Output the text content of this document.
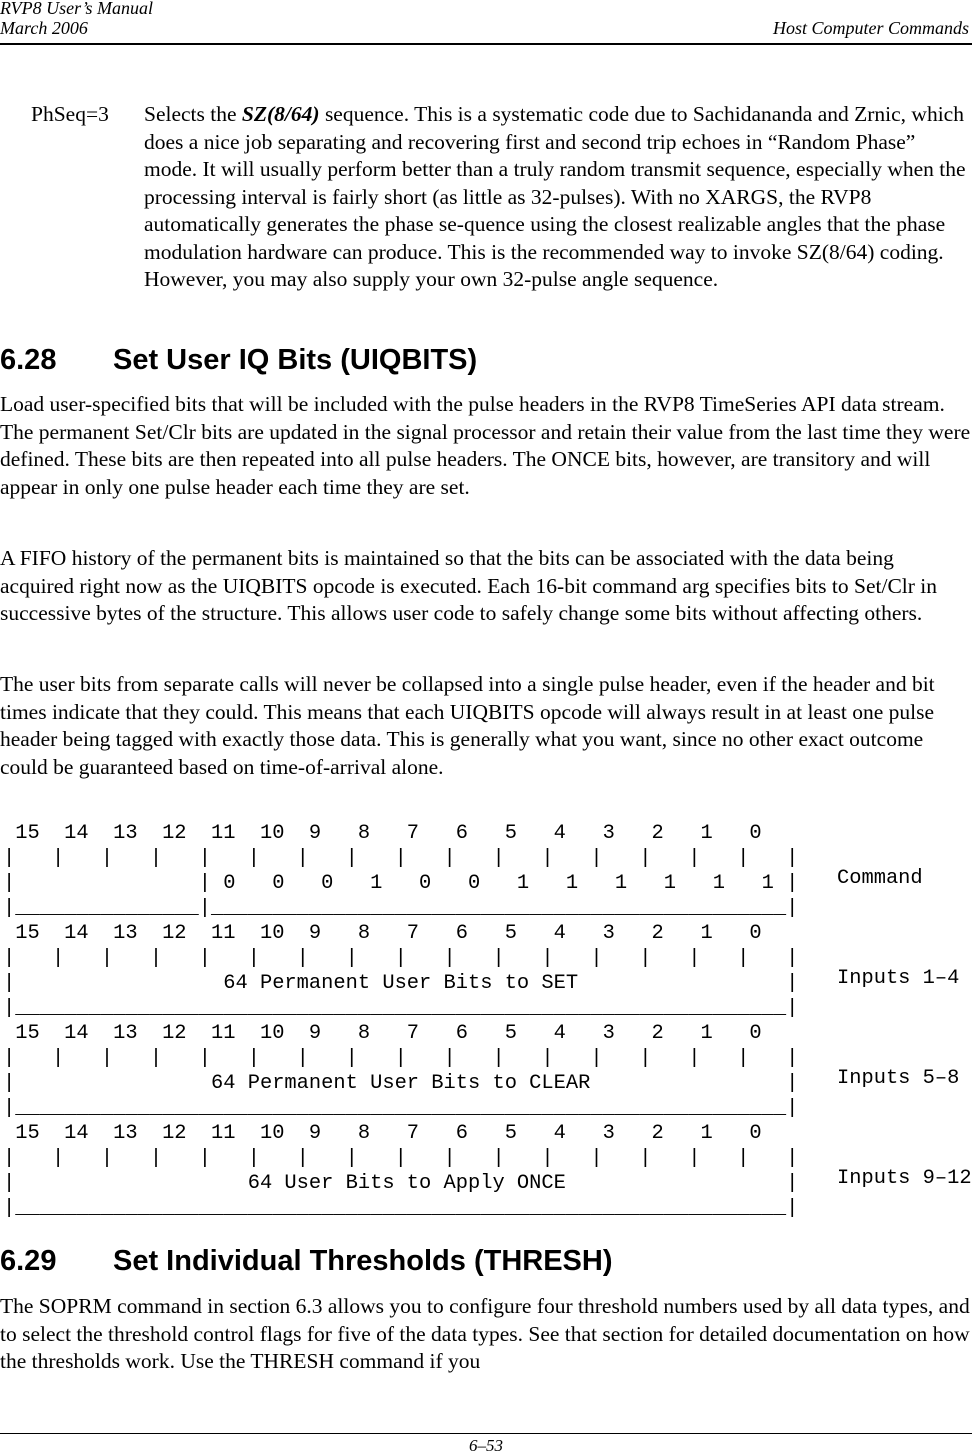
RVP8 User’s Manual
March 2006	Host Computer Commands
PhSeq=3 Selects the SZ(8/64) sequence. This is a systematic code due to Sachidananda and Zrnic, which does a nice job separating and recovering first and second trip echoes in “Random Phase” mode. It will usually perform better than a truly random transmit sequence, especially when the processing interval is fairly short (as little as 32-pulses). With no XARGS, the RVP8 automatically generates the phase se-quence using the closest realizable angles that the phase modulation hardware can produce. This is the recommended way to invoke SZ(8/64) coding. However, you may also supply your own 32-pulse angle sequence.
6.28 Set User IQ Bits (UIQBITS)

Load user-specified bits that will be included with the pulse headers in the RVP8 TimeSeries API data stream. The permanent Set/Clr bits are updated in the signal processor and retain their value from the last time they were defined. These bits are then repeated into all pulse headers. The ONCE bits, however, are transitory and will appear in only one pulse header each time they are set.

A FIFO history of the permanent bits is maintained so that the bits can be associated with the data being acquired right now as the UIQBITS opcode is executed. Each 16-bit command arg specifies bits to Set/Clr in successive bytes of the structure. This allows user code to safely change some bits without affecting others.

The user bits from separate calls will never be collapsed into a single pulse header, even if the header and bit times indicate that they could. This means that each UIQBITS opcode will always result in at least one pulse header being tagged with exactly those data. This is generally what you want, since no other exact outcome could be guaranteed based on time-of-arrival alone.

15  14  13  12  11  10  9   8   7   6   5   4   3   2   1   0
|   |   |   |   |   |   |   |   |   |   |   |   |   |   |   |   |
|               | 0   0   0   1   0   0   1   1   1   1   1   1 |
|_______________|_______________________________________________|
Command
15  14  13  12  11  10  9   8   7   6   5   4   3   2   1   0
|   |   |   |   |   |   |   |   |   |   |   |   |   |   |   |   |
|                 64 Permanent User Bits to SET                 |
|_______________________________________________________________|
Inputs 1–4
15  14  13  12  11  10  9   8   7   6   5   4   3   2   1   0
|   |   |   |   |   |   |   |   |   |   |   |   |   |   |   |   |
|                64 Permanent User Bits to CLEAR                |
|_______________________________________________________________|
Inputs 5–8
15  14  13  12  11  10  9   8   7   6   5   4   3   2   1   0
|   |   |   |   |   |   |   |   |   |   |   |   |   |   |   |   |
|                   64 User Bits to Apply ONCE                  |
|_______________________________________________________________|
Inputs 9–12
6.29 Set Individual Thresholds (THRESH)

The SOPRM command in section 6.3 allows you to configure four threshold numbers used by all data types, and to select the threshold control flags for five of the data types. See that section for detailed documentation on how the thresholds work. Use the THRESH command if you

6–53
